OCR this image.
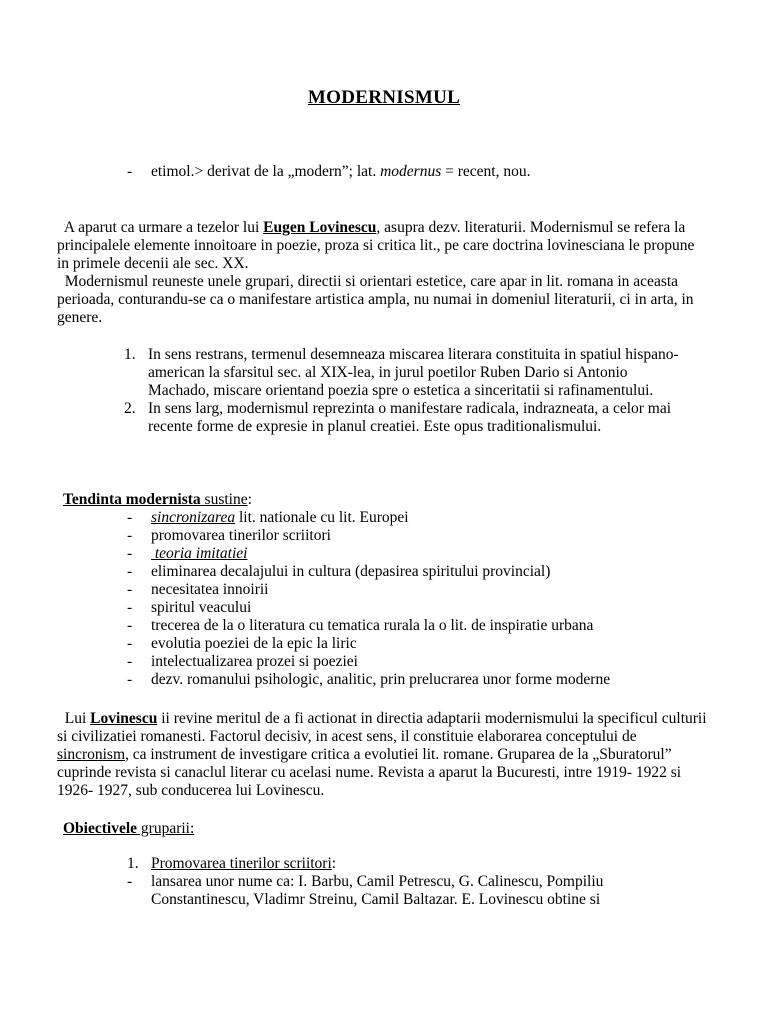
MODERNISMUL
- etimol.> derivat de la „modern”; lat. modernus = recent, nou.

A aparut ca urmare a tezelor lui Eugen Lovinescu, asupra dezv. literaturii. Modernismul se refera la principalele elemente innoitoare in poezie, proza si critica lit., pe care doctrina lovinesciana le propune in primele decenii ale sec. XX.

Modernismul reuneste unele grupari, directii si orientari estetice, care apar in lit. romana in aceasta perioada, conturandu-se ca o manifestare artistica ampla, nu numai in domeniul literaturii, ci in arta, in genere.

1. In sens restrans, termenul desemneaza miscarea literara constituita in spatiul hispano- american la sfarsitul sec. al XIX-lea, in jurul poetilor Ruben Dario si Antonio Machado, miscare orientand poezia spre o estetica a sinceritatii si rafinamentului.
2. In sens larg, modernismul reprezinta o manifestare radicala, indrazneata, a celor mai recente forme de expresie in planul creatiei. Este opus traditionalismului.
Tendinta modernista sustine:
-	sincronizarea lit. nationale cu lit. Europei
-	promovarea tinerilor scriitori
-	teoria imitatiei
-	eliminarea decalajului in cultura (depasirea spiritului provincial)
-	necesitatea innoirii
-	spiritul veacului
-	trecerea de la o literatura cu tematica rurala la o lit. de inspiratie urbana
-	evolutia poeziei de la epic la liric
-	intelectualizarea prozei si poeziei
-	dezv. romanului psihologic, analitic, prin prelucrarea unor forme moderne

Lui Lovinescu ii revine meritul de a fi actionat in directia adaptarii modernismului la specificul culturii si civilizatiei romanesti. Factorul decisiv, in acest sens, il constituie elaborarea conceptului de sincronism, ca instrument de investigare critica a evolutiei lit. romane. Gruparea de la „Sburatorul” cuprinde revista si canaclul literar cu acelasi nume. Revista a aparut la Bucuresti, intre 1919- 1922 si 1926- 1927, sub conducerea lui Lovinescu.

Obiectivele gruparii:
1. Promovarea tinerilor scriitori:
-	lansarea unor nume ca: I. Barbu, Camil Petrescu, G. Calinescu, Pompiliu Constantinescu, Vladimr Streinu, Camil Baltazar. E. Lovinescu obtine si
